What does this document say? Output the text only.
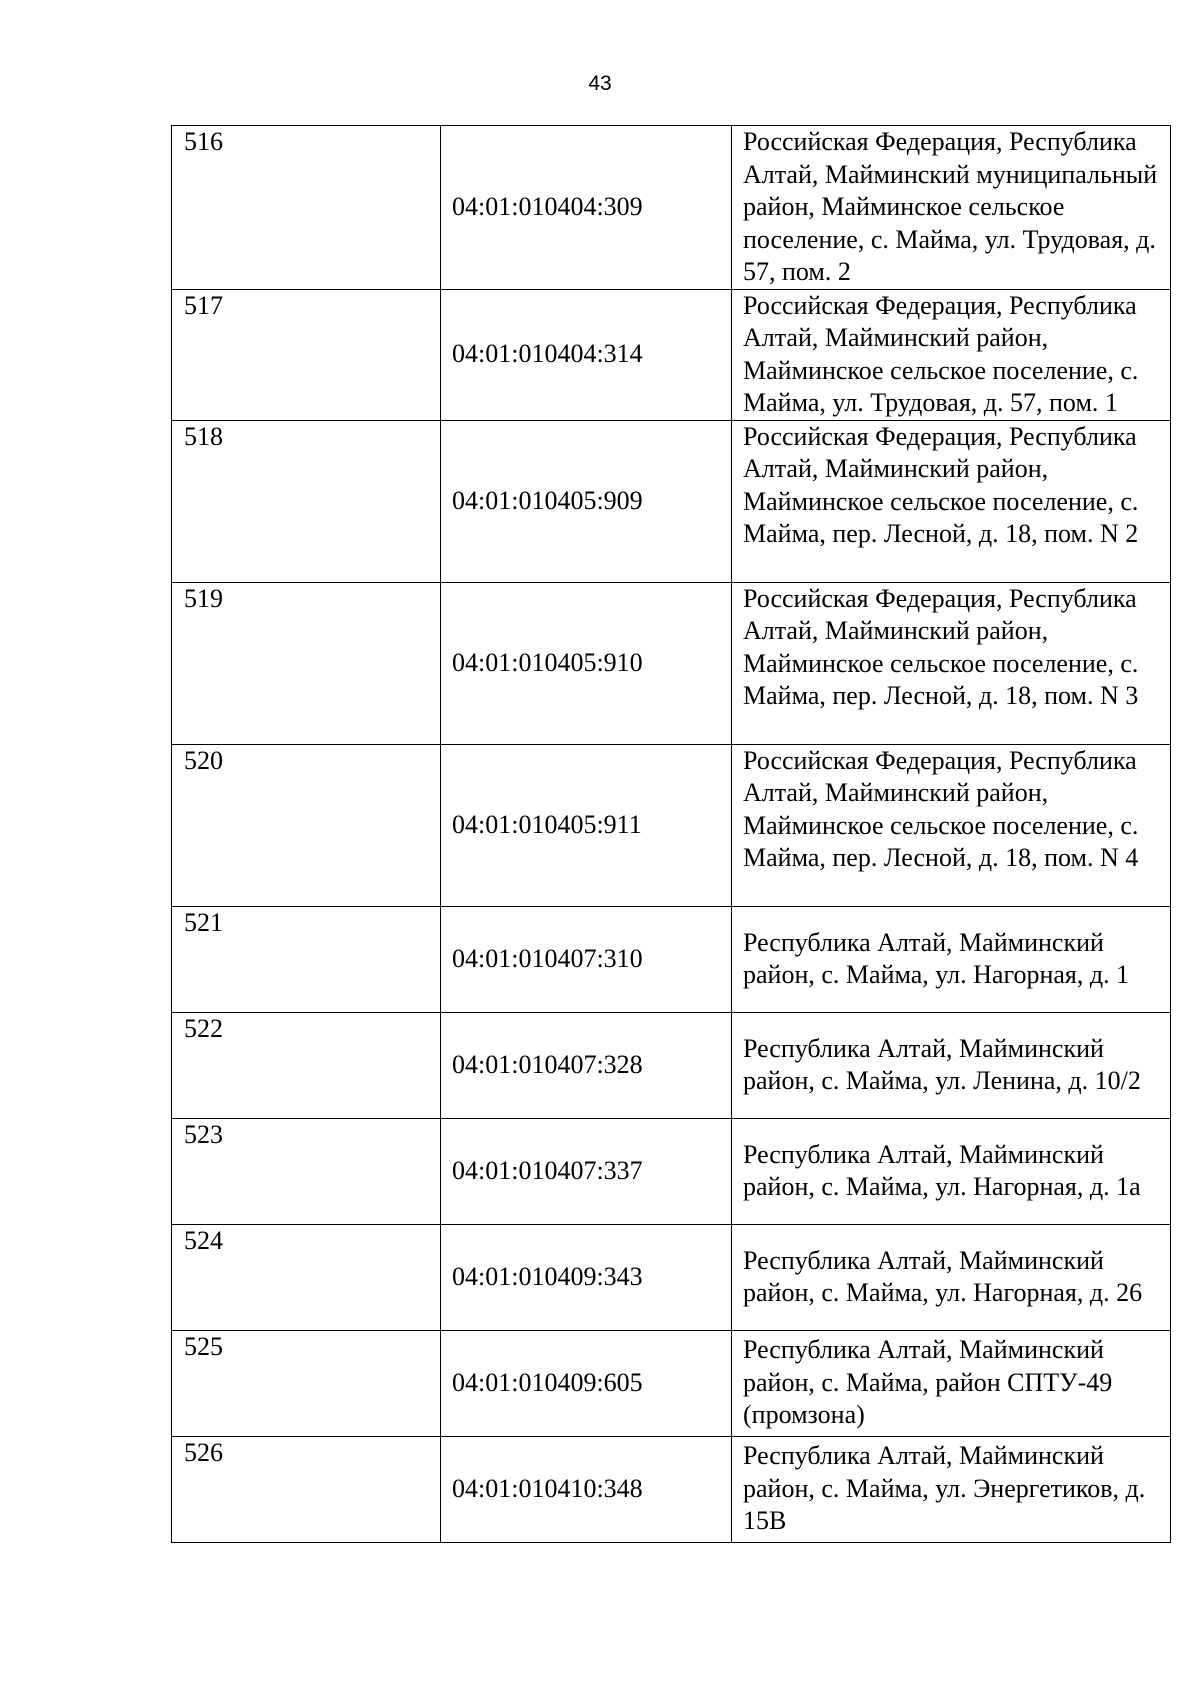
43
516	04:01:010404:309	Российская Федерация, Республика Алтай, Майминский муниципальный район, Майминское сельское поселение, с. Майма, ул. Трудовая, д. 57, пом. 2

517	04:01:010404:314	Российская Федерация, Республика Алтай, Майминский район, Майминское сельское поселение, с. Майма, ул. Трудовая, д. 57, пом. 1

518	04:01:010405:909	Российская Федерация, Республика Алтай, Майминский район, Майминское сельское поселение, с. Майма, пер. Лесной, д. 18, пом. N 2

519	04:01:010405:910	Российская Федерация, Республика Алтай, Майминский район, Майминское сельское поселение, с. Майма, пер. Лесной, д. 18, пом. N 3

520	04:01:010405:911	Российская Федерация, Республика Алтай, Майминский район, Майминское сельское поселение, с. Майма, пер. Лесной, д. 18, пом. N 4

521	04:01:010407:310	Республика Алтай, Майминский район, с. Майма, ул. Нагорная, д. 1

522	04:01:010407:328	Республика Алтай, Майминский район, с. Майма, ул. Ленина, д. 10/2

523	04:01:010407:337	Республика Алтай, Майминский район, с. Майма, ул. Нагорная, д. 1а

524	04:01:010409:343	Республика Алтай, Майминский район, с. Майма, ул. Нагорная, д. 26

525	04:01:010409:605	Республика Алтай, Майминский район, с. Майма, район СПТУ-49 (промзона)

526	04:01:010410:348	Республика Алтай, Майминский район, с. Майма, ул. Энергетиков, д. 15В
